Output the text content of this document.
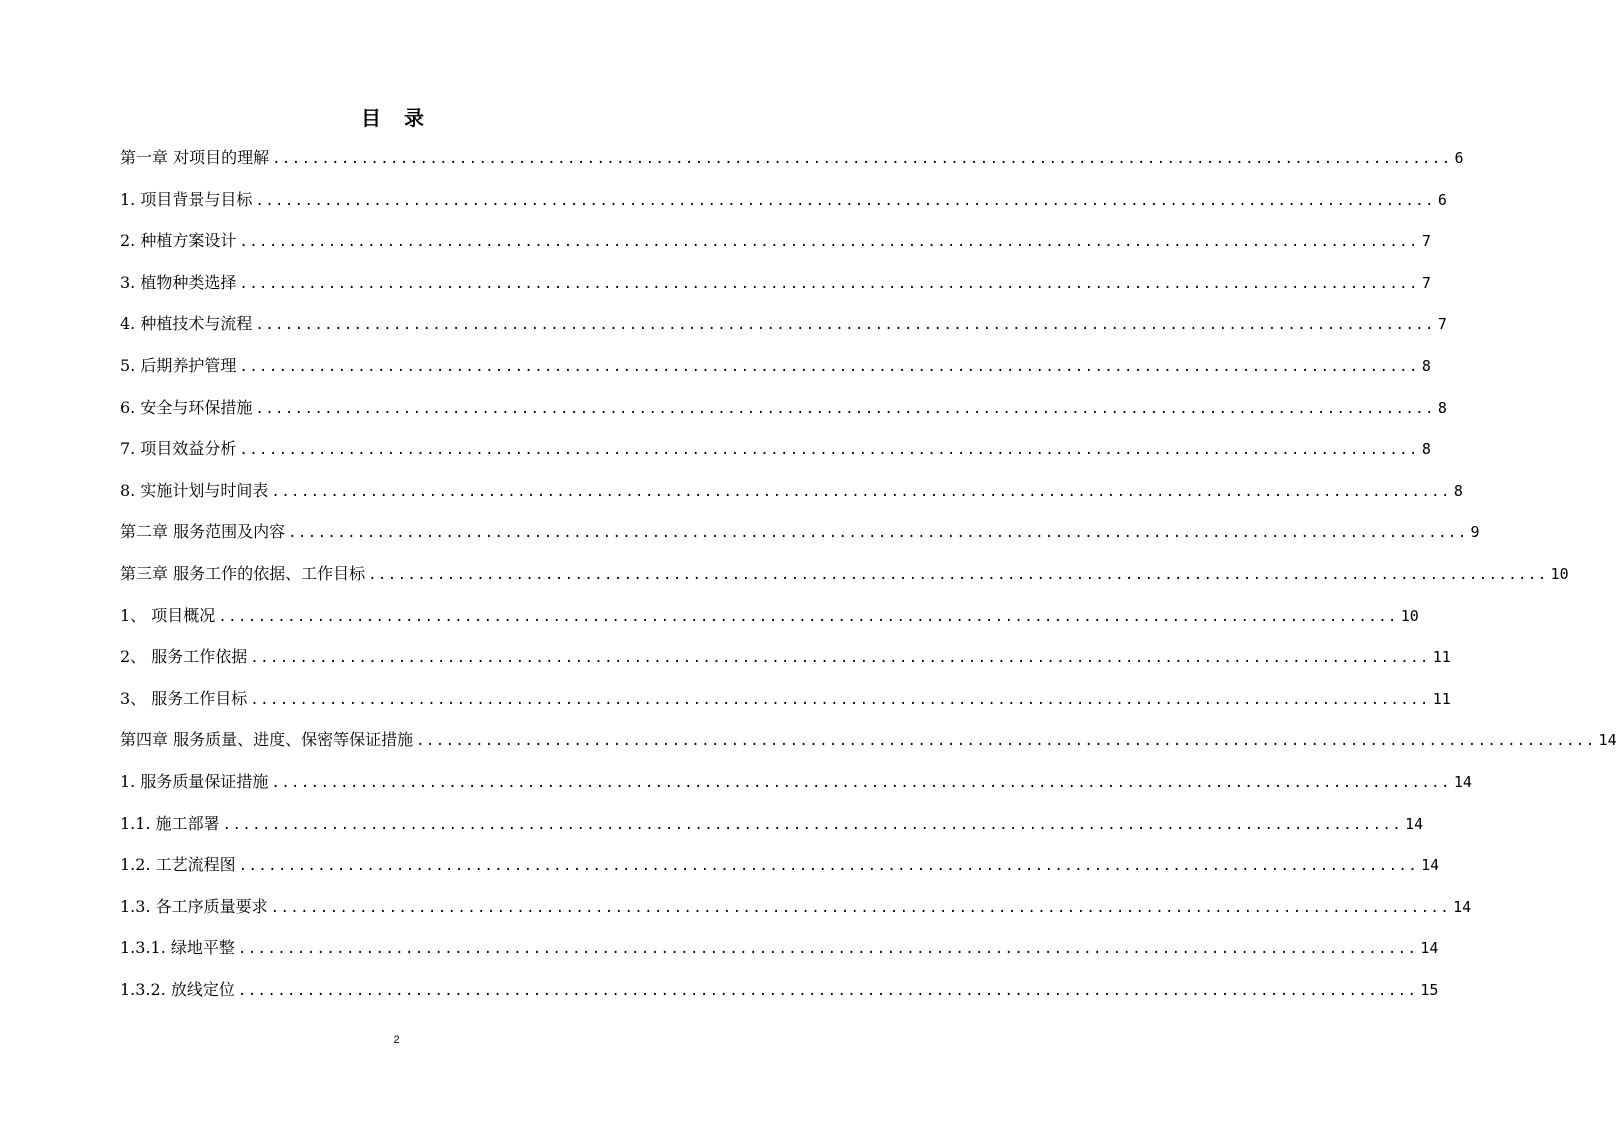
目 录
第一章 对项目的理解 ........................................................................................................................ 6
1. 项目背景与目标 ........................................................................................................................ 6
2. 种植方案设计 ........................................................................................................................ 7
3. 植物种类选择 ........................................................................................................................ 7
4. 种植技术与流程 ........................................................................................................................ 7
5. 后期养护管理 ........................................................................................................................ 8
6. 安全与环保措施 ........................................................................................................................ 8
7. 项目效益分析 ........................................................................................................................ 8
8. 实施计划与时间表 ........................................................................................................................ 8
第二章 服务范围及内容 ........................................................................................................................ 9
第三章 服务工作的依据、工作目标 ........................................................................................................................ 10
1、 项目概况 ........................................................................................................................ 10
2、 服务工作依据 ........................................................................................................................ 11
3、 服务工作目标 ........................................................................................................................ 11
第四章 服务质量、进度、保密等保证措施 ........................................................................................................................ 14
1. 服务质量保证措施 ........................................................................................................................ 14
1.1. 施工部署 ........................................................................................................................ 14
1.2. 工艺流程图 ........................................................................................................................ 14
1.3. 各工序质量要求 ........................................................................................................................ 14
1.3.1. 绿地平整 ........................................................................................................................ 14
1.3.2. 放线定位 ........................................................................................................................ 15
2
